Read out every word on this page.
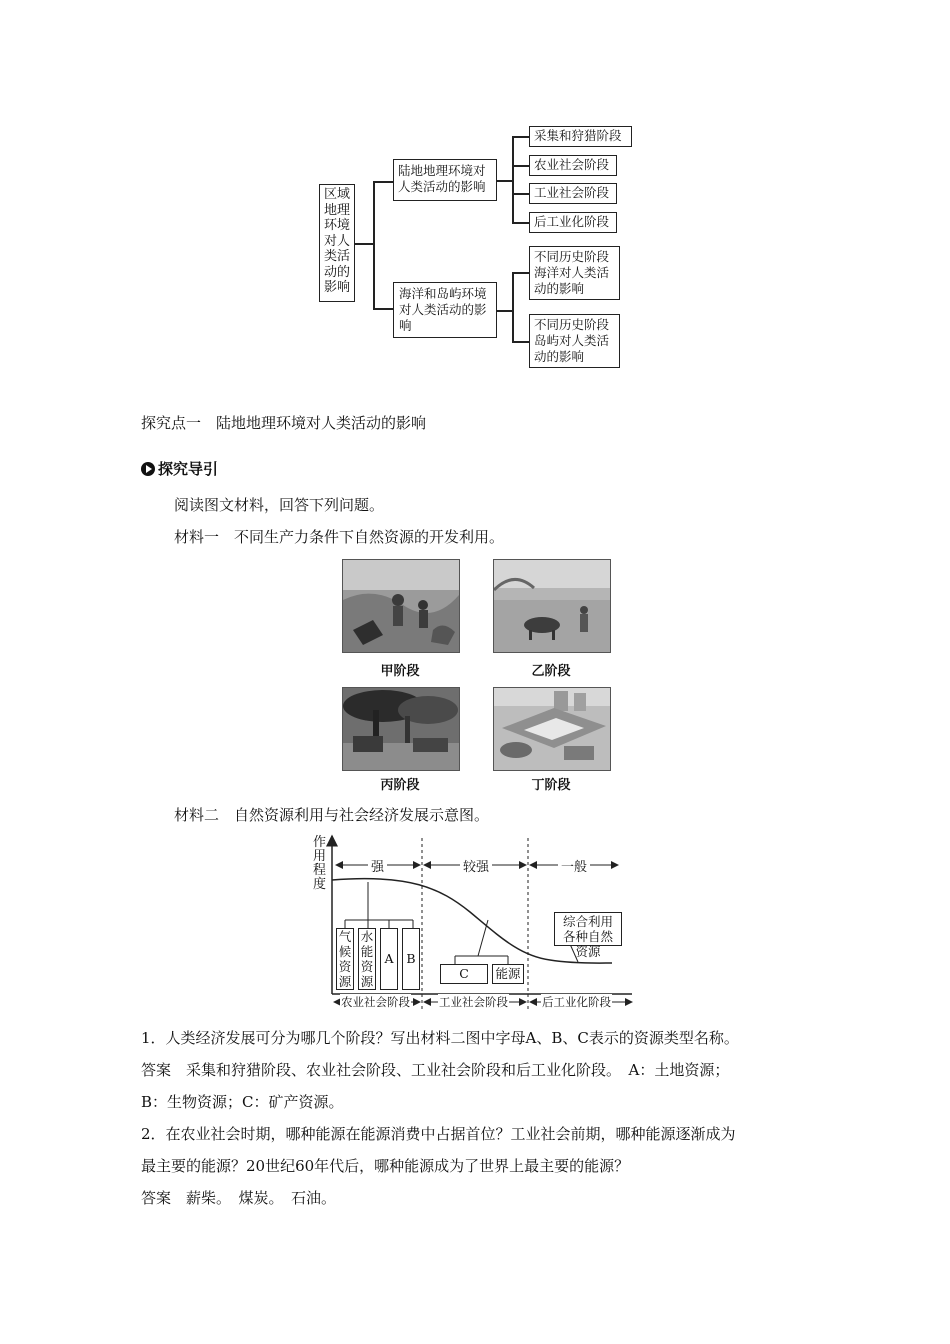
区域地理环境对人类活动的影响
陆地地理环境对人类活动的影响
海洋和岛屿环境对人类活动的影响
采集和狩猎阶段
农业社会阶段
工业社会阶段
后工业化阶段
不同历史阶段海洋对人类活动的影响
不同历史阶段岛屿对人类活动的影响
探究点一　陆地地理环境对人类活动的影响
探究导引
阅读图文材料，回答下列问题。
材料一　不同生产力条件下自然资源的开发利用。
甲阶段	乙阶段
丙阶段	丁阶段
材料二　自然资源利用与社会经济发展示意图。
作用程度
强	较强	一般
气候资源
水能资源
A	B
C	能源
综合利用各种自然资源
农业社会阶段	工业社会阶段	后工业化阶段
1．人类经济发展可分为哪几个阶段？写出材料二图中字母A、B、C表示的资源类型名称。
答案　采集和狩猎阶段、农业社会阶段、工业社会阶段和后工业化阶段。　A：土地资源；
B：生物资源；C：矿产资源。
2．在农业社会时期，哪种能源在能源消费中占据首位？工业社会前期，哪种能源逐渐成为
最主要的能源？20世纪60年代后，哪种能源成为了世界上最主要的能源？
答案　薪柴。　煤炭。　石油。
